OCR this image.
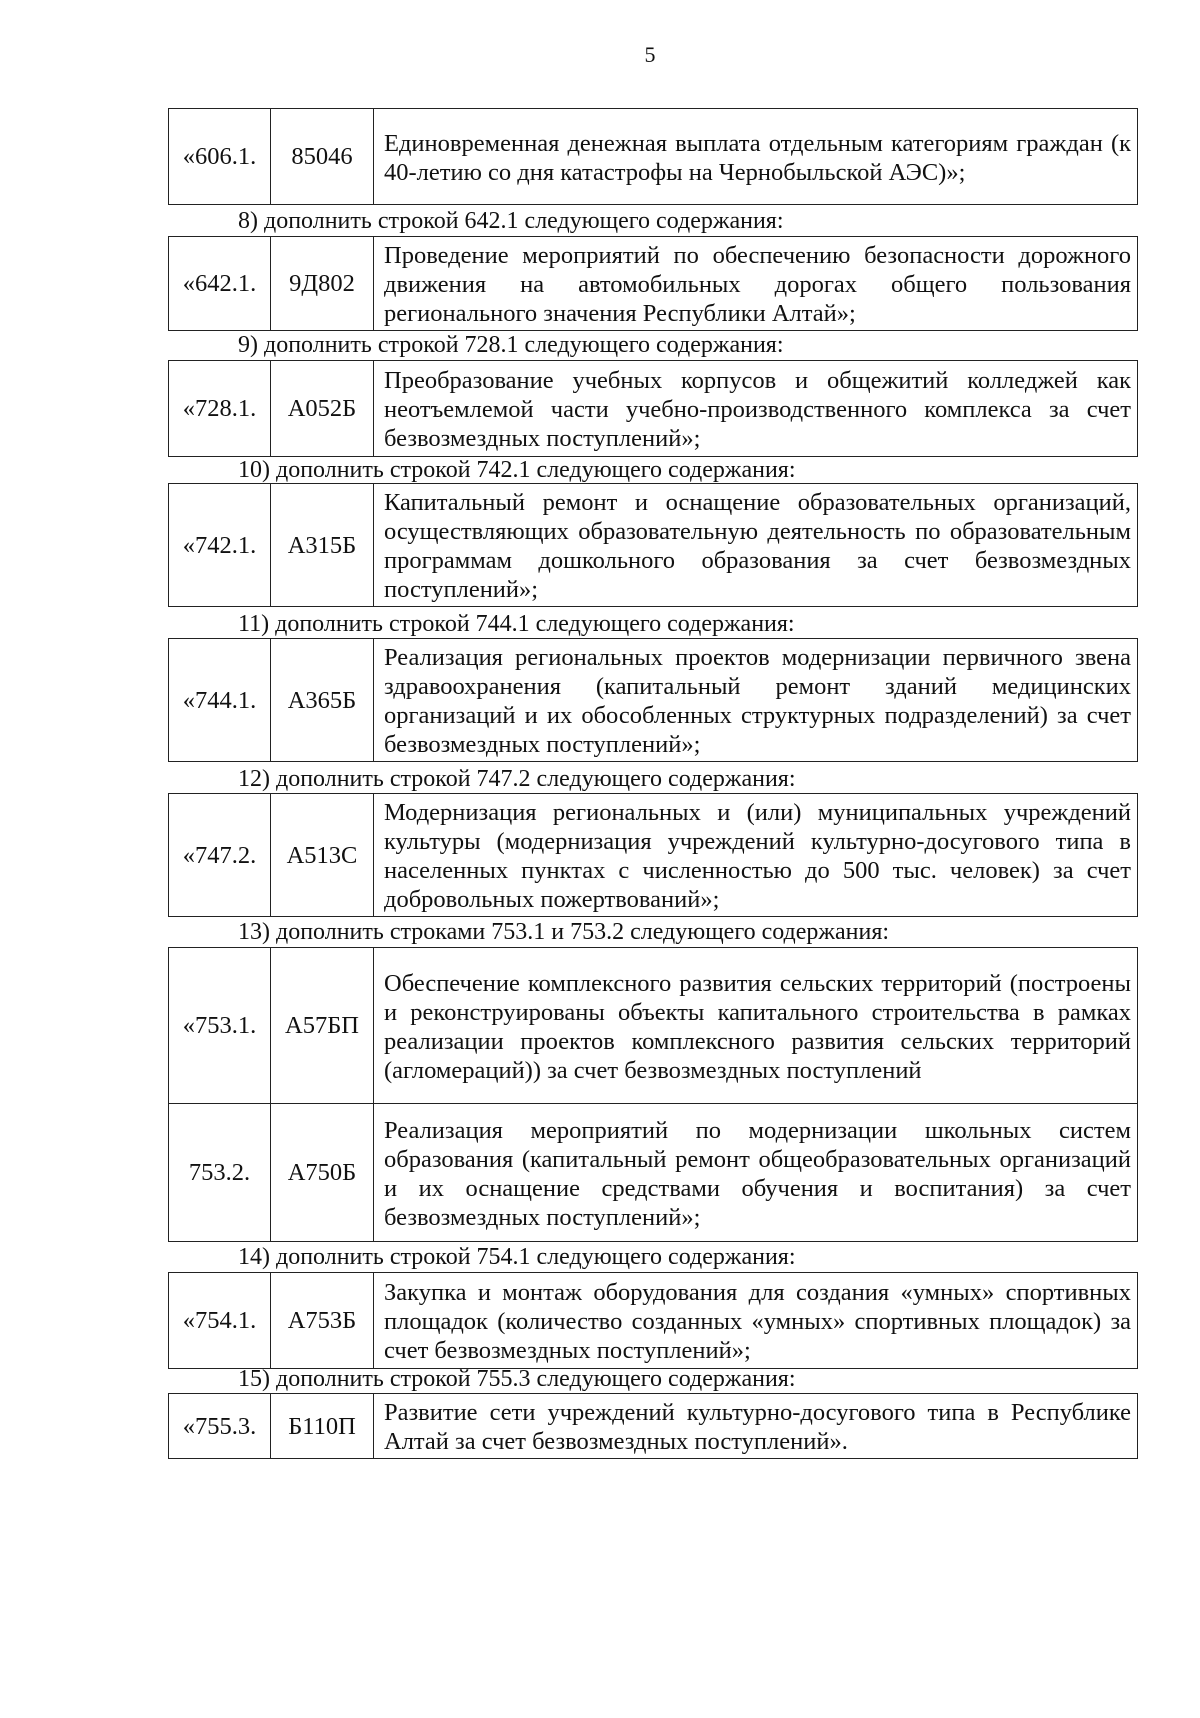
5
«606.1.	85046	Единовременная денежная выплата отдельным категориям граждан (к 40-летию со дня катастрофы на Чернобыльской АЭС)»;
8) дополнить строкой 642.1 следующего содержания:
«642.1.	9Д802	Проведение мероприятий по обеспечению безопасности дорожного движения на автомобильных дорогах общего пользования регионального значения Республики Алтай»;
9) дополнить строкой 728.1 следующего содержания:
«728.1.	А052Б	Преобразование учебных корпусов и общежитий колледжей как неотъемлемой части учебно-производственного комплекса за счет безвозмездных поступлений»;
10) дополнить строкой 742.1 следующего содержания:
«742.1.	А315Б	Капитальный ремонт и оснащение образовательных организаций, осуществляющих образовательную деятельность по образовательным программам дошкольного образования за счет безвозмездных поступлений»;
11) дополнить строкой 744.1 следующего содержания:
«744.1.	А365Б	Реализация региональных проектов модернизации первичного звена здравоохранения (капитальный ремонт зданий медицинских организаций и их обособленных структурных подразделений) за счет безвозмездных поступлений»;
12) дополнить строкой 747.2 следующего содержания:
«747.2.	А513С	Модернизация региональных и (или) муниципальных учреждений культуры (модернизация учреждений культурно-досугового типа в населенных пунктах с численностью до 500 тыс. человек) за счет добровольных пожертвований»;
13) дополнить строками 753.1 и 753.2 следующего содержания:
«753.1.	А57БП	Обеспечение комплексного развития сельских территорий (построены и реконструированы объекты капитального строительства в рамках реализации проектов комплексного развития сельских территорий (агломераций)) за счет безвозмездных поступлений
753.2.	А750Б	Реализация мероприятий по модернизации школьных систем образования (капитальный ремонт общеобразовательных организаций и их оснащение средствами обучения и воспитания) за счет безвозмездных поступлений»;
14) дополнить строкой 754.1 следующего содержания:
«754.1.	А753Б	Закупка и монтаж оборудования для создания «умных» спортивных площадок (количество созданных «умных» спортивных площадок) за счет безвозмездных поступлений»;
15) дополнить строкой 755.3 следующего содержания:
«755.3.	Б110П	Развитие сети учреждений культурно-досугового типа в Республике Алтай за счет безвозмездных поступлений».
